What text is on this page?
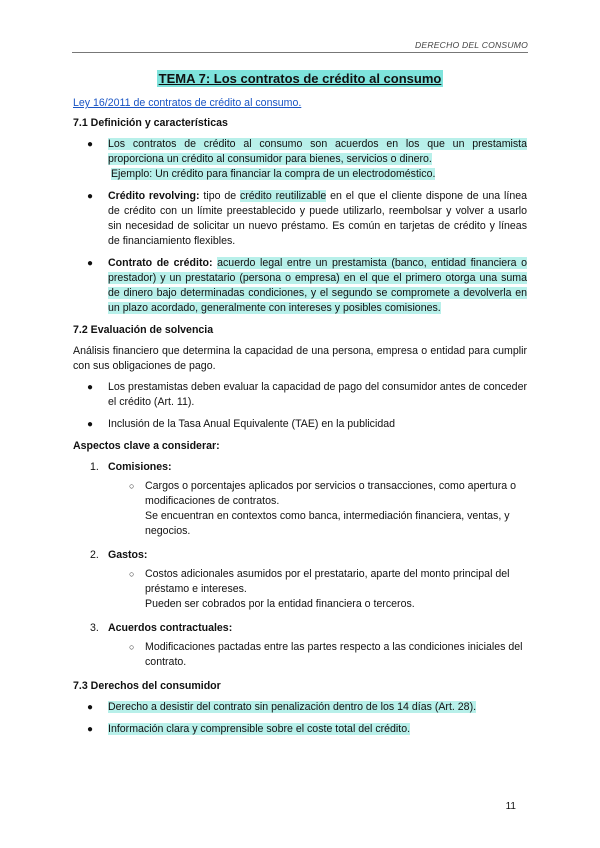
DERECHO DEL CONSUMO
TEMA 7: Los contratos de crédito al consumo
Ley 16/2011 de contratos de crédito al consumo.
7.1 Definición y características
● Los contratos de crédito al consumo son acuerdos en los que un prestamista proporciona un crédito al consumidor para bienes, servicios o dinero.
Ejemplo: Un crédito para financiar la compra de un electrodoméstico.
● Crédito revolving: tipo de crédito reutilizable en el que el cliente dispone de una línea de crédito con un límite preestablecido y puede utilizarlo, reembolsar y volver a usarlo sin necesidad de solicitar un nuevo préstamo. Es común en tarjetas de crédito y líneas de financiamiento flexibles.
● Contrato de crédito: acuerdo legal entre un prestamista (banco, entidad financiera o prestador) y un prestatario (persona o empresa) en el que el primero otorga una suma de dinero bajo determinadas condiciones, y el segundo se compromete a devolverla en un plazo acordado, generalmente con intereses y posibles comisiones.
7.2 Evaluación de solvencia

Análisis financiero que determina la capacidad de una persona, empresa o entidad para cumplir con sus obligaciones de pago.

● Los prestamistas deben evaluar la capacidad de pago del consumidor antes de conceder el crédito (Art. 11).
● Inclusión de la Tasa Anual Equivalente (TAE) en la publicidad
Aspectos clave a considerar:
1. Comisiones:
○ Cargos o porcentajes aplicados por servicios o transacciones, como apertura o modificaciones de contratos.
Se encuentran en contextos como banca, intermediación financiera, ventas, y negocios.
2. Gastos:
○ Costos adicionales asumidos por el prestatario, aparte del monto principal del préstamo e intereses.
Pueden ser cobrados por la entidad financiera o terceros.
3. Acuerdos contractuales:
○ Modificaciones pactadas entre las partes respecto a las condiciones iniciales del contrato.
7.3 Derechos del consumidor
● Derecho a desistir del contrato sin penalización dentro de los 14 días (Art. 28).
● Información clara y comprensible sobre el coste total del crédito.
11
